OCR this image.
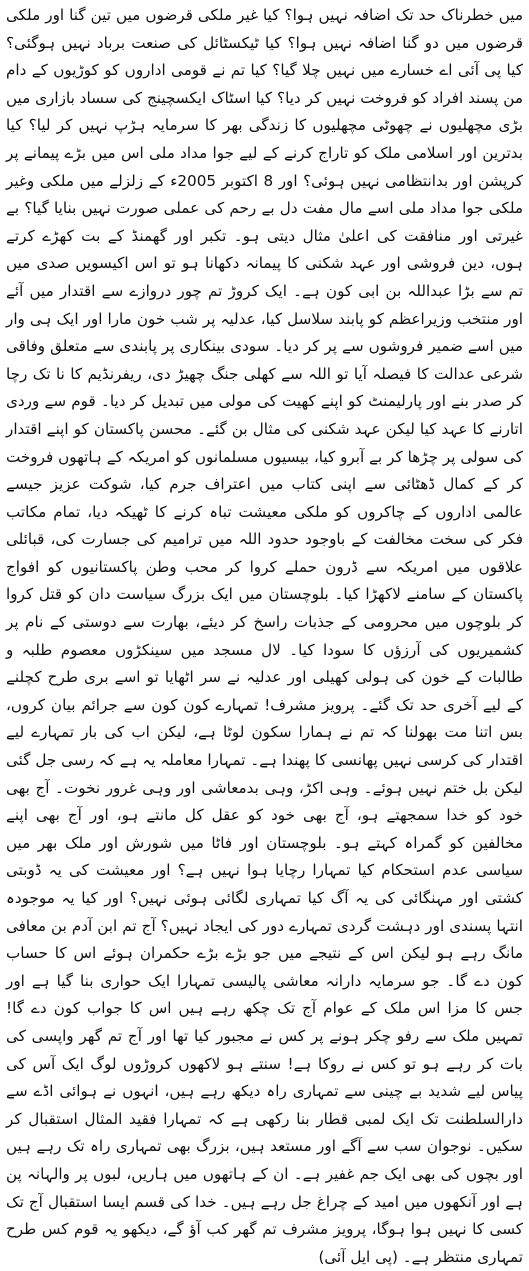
میں خطرناک حد تک اضافہ نہیں ہوا؟ کیا غیر ملکی قرضوں میں تین گنا اور ملکی قرضوں میں دو گنا اضافہ نہیں ہوا؟ کیا ٹیکسٹائل کی صنعت برباد نہیں ہوگئی؟ کیا پی آئی اے خسارے میں نہیں چلا گیا؟ کیا تم نے قومی اداروں کو کوڑیوں کے دام من پسند افراد کو فروخت نہیں کر دیا؟ کیا اسٹاک ایکسچینج کی سساد بازاری میں بڑی مچھلیوں نے چھوٹی مچھلیوں کا زندگی بھر کا سرمایہ ہڑپ نہیں کر لیا؟ کیا بدترین اور اسلامی ملک کو تاراج کرنے کے لیے جوا مداد ملی اس میں بڑے پیمانے پر کرپشن اور بدانتظامی نہیں ہوئی؟ اور 8 اکتوبر 2005ء کے زلزلے میں ملکی وغیر ملکی جوا مداد ملی اسے مال مفت دل بے رحم کی عملی صورت نہیں بنایا گیا؟ بے غیرتی اور منافقت کی اعلیٰ مثال دیتی ہو۔ تکبر اور گھمنڈ کے بت کھڑے کرتے ہوں، دین فروشی اور عہد شکنی کا پیمانہ دکھانا ہو تو اس اکیسویں صدی میں تم سے بڑا عبداللہ بن ابی کون ہے۔ ایک کروڑ تم چور دروازے سے اقتدار میں آئے اور منتخب وزیراعظم کو پابند سلاسل کیا، عدلیہ پر شب خون مارا اور ایک ہی وار میں اسے ضمیر فروشوں سے پر کر دیا۔ سودی بینکاری پر پابندی سے متعلق وفاقی شرعی عدالت کا فیصلہ آیا تو اللہ سے کھلی جنگ چھیڑ دی، ریفرنڈیم کا نا تک رچا کر صدر بنے اور پارلیمنٹ کو اپنے کھیت کی مولی میں تبدیل کر دیا۔ قوم سے وردی اتارنے کا عہد کیا لیکن عہد شکنی کی مثال بن گئے۔ محسن پاکستان کو اپنے اقتدار کی سولی پر چڑھا کر بے آبرو کیا، بیسیوں مسلمانوں کو امریکہ کے ہاتھوں فروخت کر کے کمال ڈھٹائی سے اپنی کتاب میں اعتراف جرم کیا، شوکت عزیز جیسے عالمی اداروں کے چاکروں کو ملکی معیشت تباہ کرنے کا ٹھیکہ دیا، تمام مکاتب فکر کی سخت مخالفت کے باوجود حدود اللہ میں ترامیم کی جسارت کی، قبائلی علاقوں میں امریکہ سے ڈرون حملے کروا کر محب وطن پاکستانیوں کو افواج پاکستان کے سامنے لاکھڑا کیا۔ بلوچستان میں ایک بزرگ سیاست دان کو قتل کروا کر بلوچوں میں محرومی کے جذبات راسخ کر دیئے، بھارت سے دوستی کے نام پر کشمیریوں کی آرزؤں کا سودا کیا۔ لال مسجد میں سینکڑوں معصوم طلبہ و طالبات کے خون کی ہولی کھیلی اور عدلیہ نے سر اٹھایا تو اسے بری طرح کچلنے کے لیے آخری حد تک گئے۔ پرویز مشرف! تمہارے کون کون سے جرائم بیان کروں، بس اتنا مت بھولنا کہ تم نے ہمارا سکون لوٹا ہے، لیکن اب کی بار تمہارے لیے اقتدار کی کرسی نہیں پھانسی کا پھندا ہے۔ تمہارا معاملہ یہ ہے کہ رسی جل گئی لیکن بل ختم نہیں ہوئے۔ وہی اکڑ، وہی بدمعاشی اور وہی غرور نخوت۔ آج بھی خود کو خدا سمجھتے ہو، آج بھی خود کو عقل کل مانتے ہو، اور آج بھی اپنے مخالفین کو گمراہ کہتے ہو۔ بلوچستان اور فاٹا میں شورش اور ملک بھر میں سیاسی عدم استحکام کیا تمہارا رچایا ہوا نہیں ہے؟ اور معیشت کی یہ ڈوبتی کشتی اور مہنگائی کی یہ آگ کیا تمہاری لگائی ہوئی نہیں؟ اور کیا یہ موجودہ انتہا پسندی اور دہشت گردی تمہارے دور کی ایجاد نہیں؟ آج تم ابن آدم بن معافی مانگ رہے ہو لیکن اس کے نتیجے میں جو بڑے بڑے حکمران ہوئے اس کا حساب کون دے گا۔ جو سرمایہ دارانہ معاشی پالیسی تمہارا ایک حواری بنا گیا ہے اور جس کا مزا اس ملک کے عوام آج تک چکھ رہے ہیں اس کا جواب کون دے گا! تمہیں ملک سے رفو چکر ہونے پر کس نے مجبور کیا تھا اور آج تم گھر واپسی کی بات کر رہے ہو تو کس نے روکا ہے! سنتے ہو لاکھوں کروڑوں لوگ ایک آس کی پیاس لیے شدید بے چینی سے تمہاری راہ دیکھ رہے ہیں، انہوں نے ہوائی اڈے سے دارالسلطنت تک ایک لمبی قطار بنا رکھی ہے کہ تمہارا فقید المثال استقبال کر سکیں۔ نوجوان سب سے آگے اور مستعد ہیں، بزرگ بھی تمہاری راہ تک رہے ہیں اور بچوں کی بھی ایک جم غفیر ہے۔ ان کے ہاتھوں میں ہاریں، لبوں پر والہانہ پن ہے اور آنکھوں میں امید کے چراغ جل رہے ہیں۔ خدا کی قسم ایسا استقبال آج تک کسی کا نہیں ہوا ہوگا، پرویز مشرف تم گھر کب آؤ گے، دیکھو یہ قوم کس طرح تمہاری منتظر ہے۔ (پی ایل آئی)
